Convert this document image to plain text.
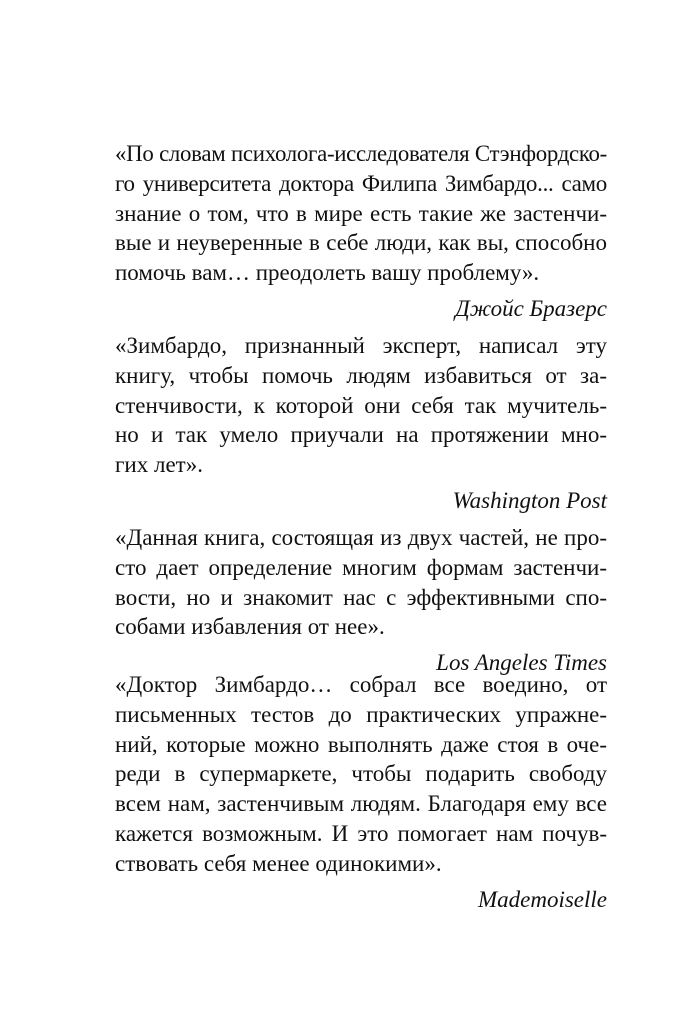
«По словам психолога-исследователя Стэнфордско-
го университета доктора Филипа Зимбардо... само
знание о том, что в мире есть такие же застенчи-
вые и неуверенные в себе люди, как вы, способно
помочь вам… преодолеть вашу проблему».
Джойс Бразерс
«Зимбардо, признанный эксперт, написал эту
книгу, чтобы помочь людям избавиться от за-
стенчивости, к которой они себя так мучитель-
но и так умело приучали на протяжении мно-
гих лет».
Washington Post
«Данная книга, состоящая из двух частей, не про-
сто дает определение многим формам застенчи-
вости, но и знакомит нас с эффективными спо-
собами избавления от нее».
Los Angeles Times
«Доктор Зимбардо… собрал все воедино, от
письменных тестов до практических упражне-
ний, которые можно выполнять даже стоя в оче-
реди в супермаркете, чтобы подарить свободу
всем нам, застенчивым людям. Благодаря ему все
кажется возможным. И это помогает нам почув-
ствовать себя менее одинокими».
Mademoiselle
